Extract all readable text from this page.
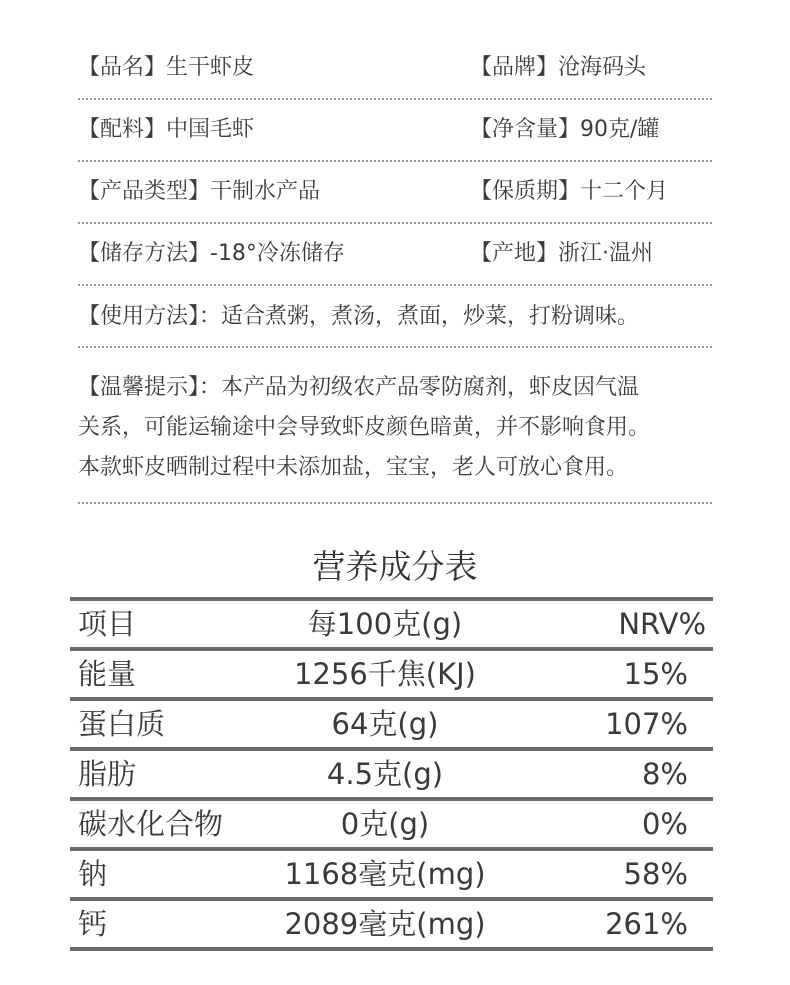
【品名】生干虾皮	【品牌】沧海码头
【配料】中国毛虾	【净含量】90克/罐
【产品类型】干制水产品	【保质期】十二个月
【储存方法】-18°冷冻储存	【产地】浙江·温州
【使用方法】：适合煮粥，煮汤，煮面，炒菜，打粉调味。
【温馨提示】：本产品为初级农产品零防腐剂，虾皮因气温
关系，可能运输途中会导致虾皮颜色暗黄，并不影响食用。
本款虾皮晒制过程中未添加盐，宝宝，老人可放心食用。
营养成分表
项目	每100克(g)	NRV%
能量	1256千焦(KJ)	15%
蛋白质	64克(g)	107%
脂肪	4.5克(g)	8%
碳水化合物	0克(g)	0%
钠	1168毫克(mg)	58%
钙	2089毫克(mg)	261%
